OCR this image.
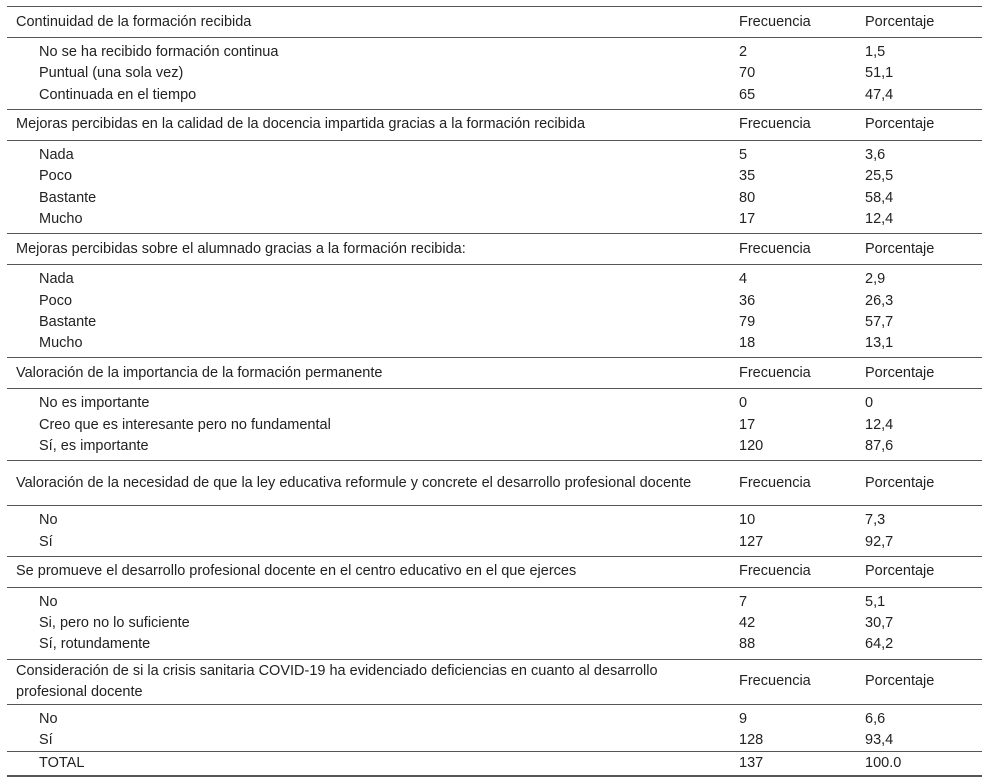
Continuidad de la formación recibida	Frecuencia	Porcentaje
No se ha recibido formación continua	2	1,5
Puntual (una sola vez)	70	51,1
Continuada en el tiempo	65	47,4
Mejoras percibidas en la calidad de la docencia impartida gracias a la formación recibida	Frecuencia	Porcentaje
Nada	5	3,6
Poco	35	25,5
Bastante	80	58,4
Mucho	17	12,4
Mejoras percibidas sobre el alumnado gracias a la formación recibida:	Frecuencia	Porcentaje
Nada	4	2,9
Poco	36	26,3
Bastante	79	57,7
Mucho	18	13,1
Valoración de la importancia de la formación permanente	Frecuencia	Porcentaje
No es importante	0	0
Creo que es interesante pero no fundamental	17	12,4
Sí, es importante	120	87,6
Valoración de la necesidad de que la ley educativa reformule y concrete el desarrollo profesional docente	Frecuencia	Porcentaje
No	10	7,3
Sí	127	92,7
Se promueve el desarrollo profesional docente en el centro educativo en el que ejerces	Frecuencia	Porcentaje
No	7	5,1
Si, pero no lo suficiente	42	30,7
Sí, rotundamente	88	64,2
Consideración de si la crisis sanitaria COVID-19 ha evidenciado deficiencias en cuanto al desarrollo profesional docente	Frecuencia	Porcentaje
No	9	6,6
Sí	128	93,4
TOTAL	137	100.0
